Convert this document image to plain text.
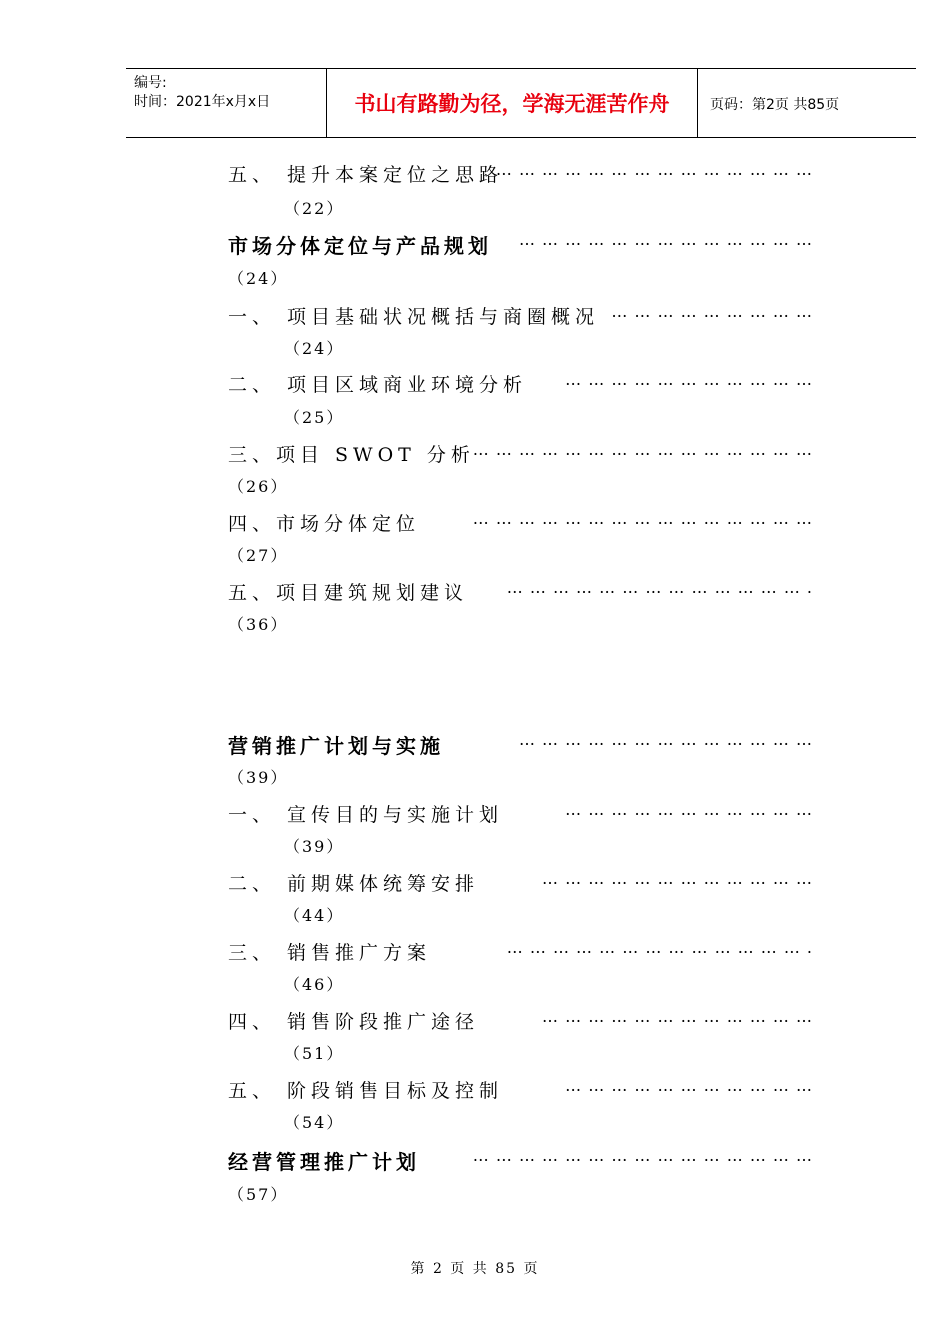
编号:
时间：2021年x月x日	书山有路勤为径，学海无涯苦作舟	页码：第2页 共85页
五、 提升本案定位之思路
… … … … … … … … … … … … … …
（22）
市场分体定位与产品规划 … … … … … … … … … … … … …
（24）
一、 项目基础状况概括与商圈概况 … … … … … … … … …
（24）
二、 项目区域商业环境分析 … … … … … … … … … … …
（25）
三、项目 SWOT 分析
… … … … … … … … … … … … … … …
（26）
四、市场分体定位	… … … … … … … … … … … … … … …
（27）
五、项目建筑规划建议 … … … … … … … … … … … … … .
（36）
营销推广计划与实施	… … … … … … … … … … … … …
（39）
一、 宣传目的与实施计划	… … … … … … … … … … …
（39）
二、 前期媒体统筹安排	… … … … … … … … … … … …
（44）
三、 销售推广方案	… … … … … … … … … … … … … .
（46）
四、 销售阶段推广途径	… … … … … … … … … … … …
（51）
五、 阶段销售目标及控制	… … … … … … … … … … …
（54）
经营管理推广计划	… … … … … … … … … … … … … … …
（57）
第 2 页 共 85 页
